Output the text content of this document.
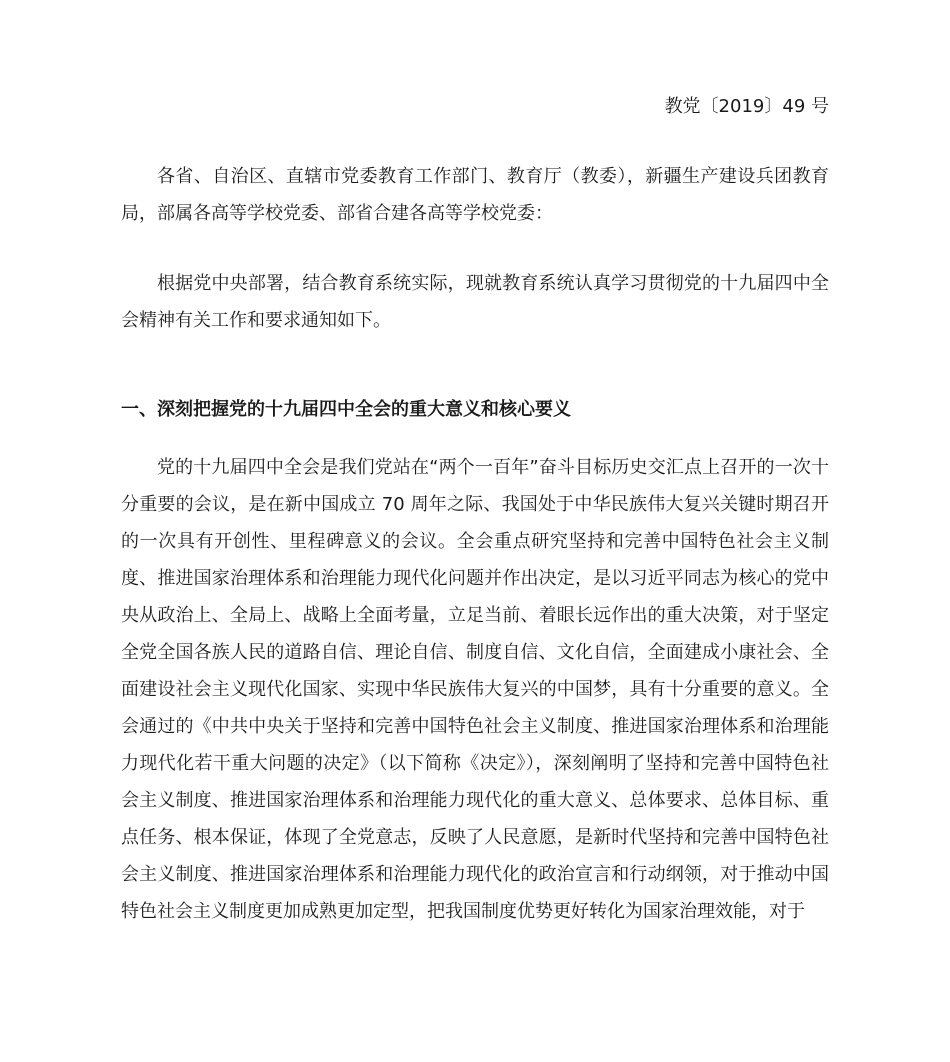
教党〔2019〕49 号

各省、自治区、直辖市党委教育工作部门、教育厅（教委），新疆生产建设兵团教育局，部属各高等学校党委、部省合建各高等学校党委：

根据党中央部署，结合教育系统实际，现就教育系统认真学习贯彻党的十九届四中全会精神有关工作和要求通知如下。

一、深刻把握党的十九届四中全会的重大意义和核心要义

党的十九届四中全会是我们党站在“两个一百年”奋斗目标历史交汇点上召开的一次十分重要的会议，是在新中国成立 70 周年之际、我国处于中华民族伟大复兴关键时期召开的一次具有开创性、里程碑意义的会议。全会重点研究坚持和完善中国特色社会主义制度、推进国家治理体系和治理能力现代化问题并作出决定，是以习近平同志为核心的党中央从政治上、全局上、战略上全面考量，立足当前、着眼长远作出的重大决策，对于坚定全党全国各族人民的道路自信、理论自信、制度自信、文化自信，全面建成小康社会、全面建设社会主义现代化国家、实现中华民族伟大复兴的中国梦，具有十分重要的意义。全会通过的《中共中央关于坚持和完善中国特色社会主义制度、推进国家治理体系和治理能力现代化若干重大问题的决定》（以下简称《决定》），深刻阐明了坚持和完善中国特色社会主义制度、推进国家治理体系和治理能力现代化的重大意义、总体要求、总体目标、重点任务、根本保证，体现了全党意志，反映了人民意愿，是新时代坚持和完善中国特色社会主义制度、推进国家治理体系和治理能力现代化的政治宣言和行动纲领，对于推动中国特色社会主义制度更加成熟更加定型，把我国制度优势更好转化为国家治理效能，对于
